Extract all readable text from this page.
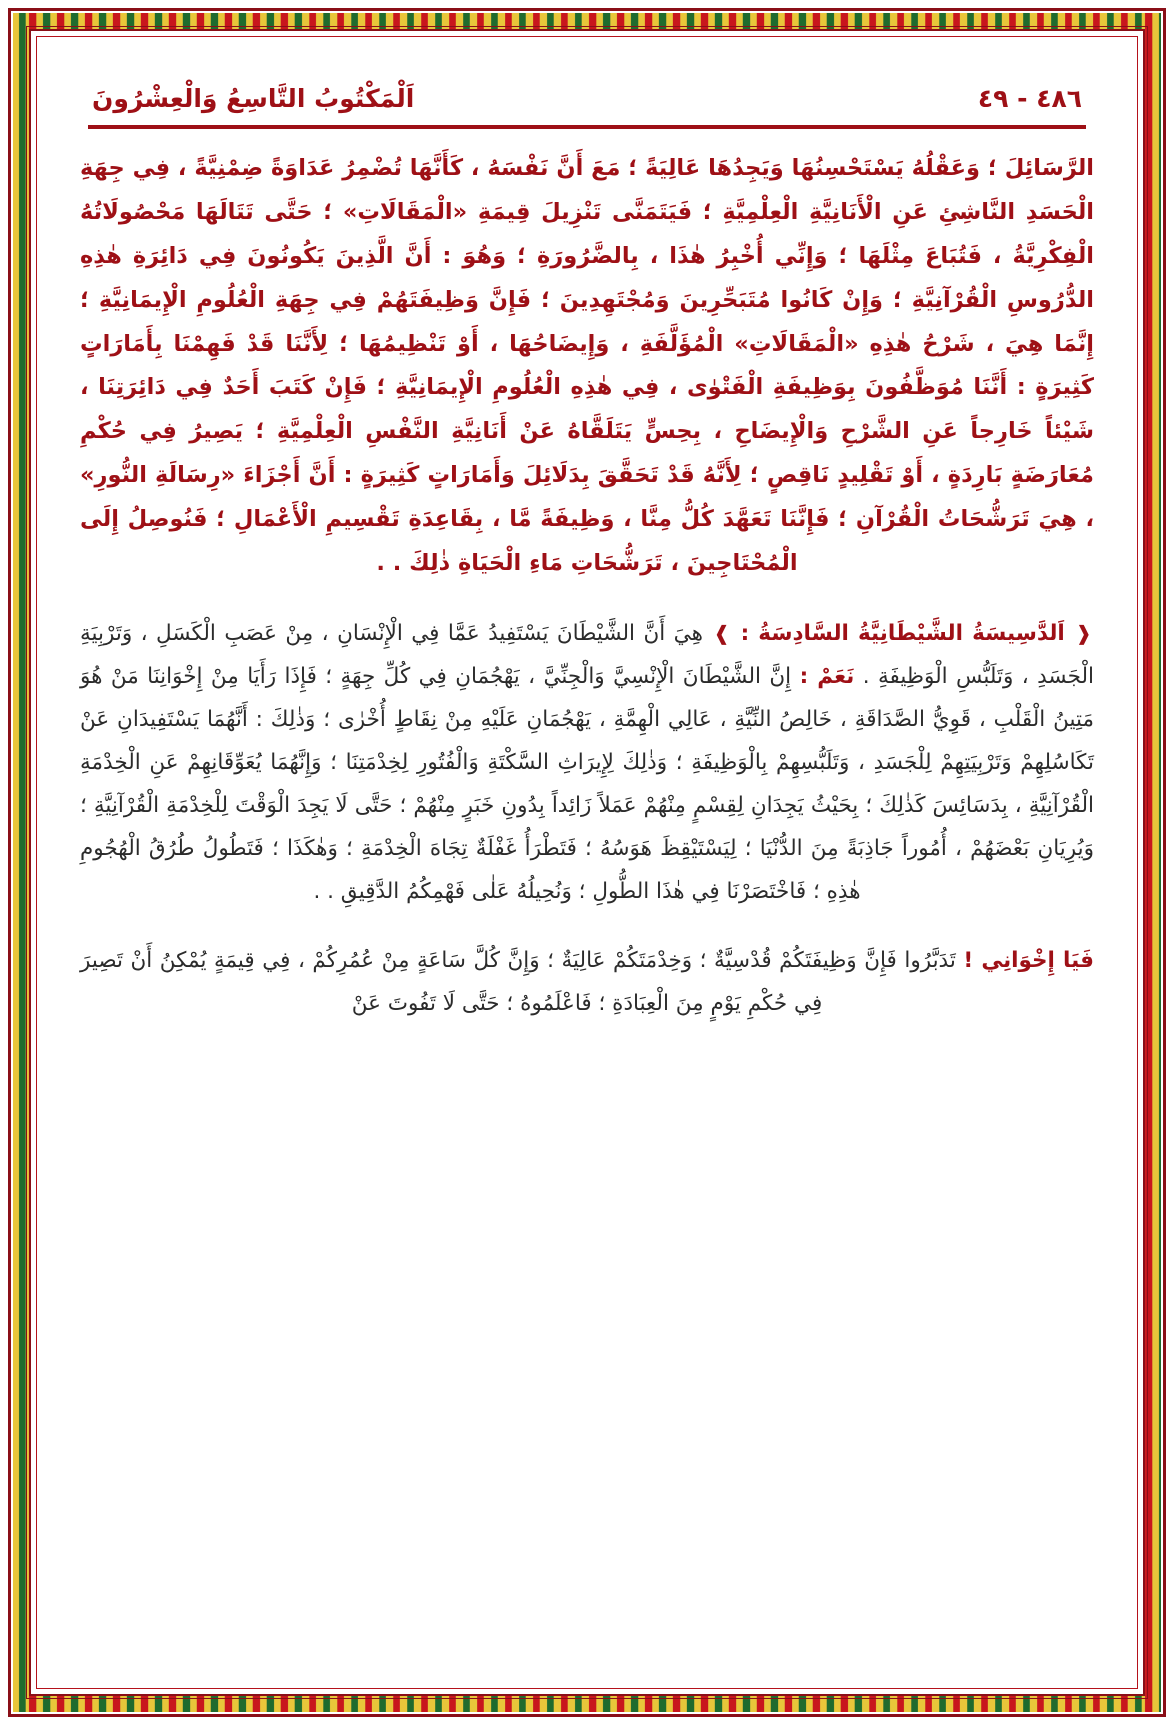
٤٨٦ - ٤٩
اَلْمَكْتُوبُ التَّاسِعُ وَالْعِشْرُونَ

الرَّسَائِلَ ؛ وَعَقْلُهُ يَسْتَحْسِنُهَا وَيَجِدُهَا عَالِيَةً ؛ مَعَ أَنَّ نَفْسَهُ ، كَأَنَّهَا تُضْمِرُ عَدَاوَةً ضِمْنِيَّةً ، فِي جِهَةِ الْحَسَدِ النَّاشِئِ عَنِ الْأَنَانِيَّةِ الْعِلْمِيَّةِ ؛ فَيَتَمَنَّى تَنْزِيلَ قِيمَةِ «الْمَقَالَاتِ» ؛ حَتَّى تَتَالَهَا مَحْصُولَاتُهُ الْفِكْرِيَّةُ ، فَتُبَاعَ مِثْلَهَا ؛ وَإِنِّي أُخْبِرُ هٰذَا ، بِالضَّرُورَةِ ؛ وَهُوَ : أَنَّ الَّذِينَ يَكُونُونَ فِي دَائِرَةِ هٰذِهِ الدُّرُوسِ الْقُرْآنِيَّةِ ؛ وَإِنْ كَانُوا مُتَبَحِّرِينَ وَمُجْتَهِدِينَ ؛ فَإِنَّ وَظِيفَتَهُمْ فِي جِهَةِ الْعُلُومِ الْإِيمَانِيَّةِ ؛ إِنَّمَا هِيَ ، شَرْحُ هٰذِهِ «الْمَقَالَاتِ» الْمُؤَلَّفَةِ ، وَإِيضَاحُهَا ، أَوْ تَنْظِيمُهَا ؛ لِأَنَّنَا قَدْ فَهِمْنَا بِأَمَارَاتٍ كَثِيرَةٍ : أَنَّنَا مُوَظَّفُونَ بِوَظِيفَةِ الْفَتْوٰى ، فِي هٰذِهِ الْعُلُومِ الْإِيمَانِيَّةِ ؛ فَإِنْ كَتَبَ أَحَدٌ فِي دَائِرَتِنَا ، شَيْئاً خَارِجاً عَنِ الشَّرْحِ وَالْإِيضَاحِ ، بِحِسٍّ يَتَلَقَّاهُ عَنْ أَنَانِيَّةِ النَّفْسِ الْعِلْمِيَّةِ ؛ يَصِيرُ فِي حُكْمِ مُعَارَضَةٍ بَارِدَةٍ ، أَوْ تَقْلِيدٍ نَاقِصٍ ؛ لِأَنَّهُ قَدْ تَحَقَّقَ بِدَلَائِلَ وَأَمَارَاتٍ كَثِيرَةٍ : أَنَّ أَجْزَاءَ «رِسَالَةِ النُّورِ» ، هِيَ تَرَشُّحَاتُ الْقُرْآنِ ؛ فَإِنَّنَا تَعَهَّدَ كُلُّ مِنَّا ، وَظِيفَةً مَّا ، بِقَاعِدَةِ تَقْسِيمِ الْأَعْمَالِ ؛ فَنُوصِلُ إِلَى الْمُحْتَاجِينَ ، تَرَشُّحَاتِ مَاءِ الْحَيَاةِ ذٰلِكَ . .

❰ اَلدَّسِيسَةُ الشَّيْطَانِيَّةُ السَّادِسَةُ : ❱ هِيَ أَنَّ الشَّيْطَانَ يَسْتَفِيدُ عَمَّا فِي الْإِنْسَانِ ، مِنْ عَصَبِ الْكَسَلِ ، وَتَرْبِيَةِ الْجَسَدِ ، وَتَلَبُّسِ الْوَظِيفَةِ . نَعَمْ : إِنَّ الشَّيْطَانَ الْإِنْسِيَّ وَالْجِنِّيَّ ، يَهْجُمَانِ فِي كُلِّ جِهَةٍ ؛ فَإِذَا رَأَيَا مِنْ إِخْوَانِنَا مَنْ هُوَ مَتِينُ الْقَلْبِ ، قَوِيُّ الصَّدَاقَةِ ، خَالِصُ النِّيَّةِ ، عَالِي الْهِمَّةِ ، يَهْجُمَانِ عَلَيْهِ مِنْ نِقَاطٍ أُخْرٰى ؛ وَذٰلِكَ : أَنَّهُمَا يَسْتَفِيدَانِ عَنْ تَكَاسُلِهِمْ وَتَرْبِيَتِهِمْ لِلْجَسَدِ ، وَتَلَبُّسِهِمْ بِالْوَظِيفَةِ ؛ وَذٰلِكَ لِإِيرَاثِ السَّكْتَةِ وَالْفُتُورِ لِخِدْمَتِنَا ؛ وَإِنَّهُمَا يُعَوِّقَانِهِمْ عَنِ الْخِدْمَةِ الْقُرْآنِيَّةِ ، بِدَسَائِسَ كَذٰلِكَ ؛ بِحَيْثُ يَجِدَانِ لِقِسْمٍ مِنْهُمْ عَمَلاً زَائِداً بِدُونِ خَبَرٍ مِنْهُمْ ؛ حَتَّى لَا يَجِدَ الْوَقْتَ لِلْخِدْمَةِ الْقُرْآنِيَّةِ ؛ وَيُرِيَانِ بَعْضَهُمْ ، أُمُوراً جَاذِبَةً مِنَ الدُّنْيَا ؛ لِيَسْتَيْقِظَ هَوَسُهُ ؛ فَتَطْرَأُ غَفْلَةٌ تِجَاهَ الْخِدْمَةِ ؛ وَهٰكَذَا ؛ فَتَطُولُ طُرُقُ الْهُجُومِ هٰذِهِ ؛ فَاخْتَصَرْنَا فِي هٰذَا الطُّولِ ؛ وَنُحِيلُهُ عَلٰى فَهْمِكُمُ الدَّقِيقِ . .

فَيَا إِخْوَانِي ! تَدَبَّرُوا فَإِنَّ وَظِيفَتَكُمْ قُدْسِيَّةٌ ؛ وَخِدْمَتَكُمْ عَالِيَةٌ ؛ وَإِنَّ كُلَّ سَاعَةٍ مِنْ عُمُرِكُمْ ، فِي قِيمَةٍ يُمْكِنُ أَنْ تَصِيرَ فِي حُكْمِ يَوْمٍ مِنَ الْعِبَادَةِ ؛ فَاعْلَمُوهُ ؛ حَتَّى لَا تَفُوتَ عَنْ
